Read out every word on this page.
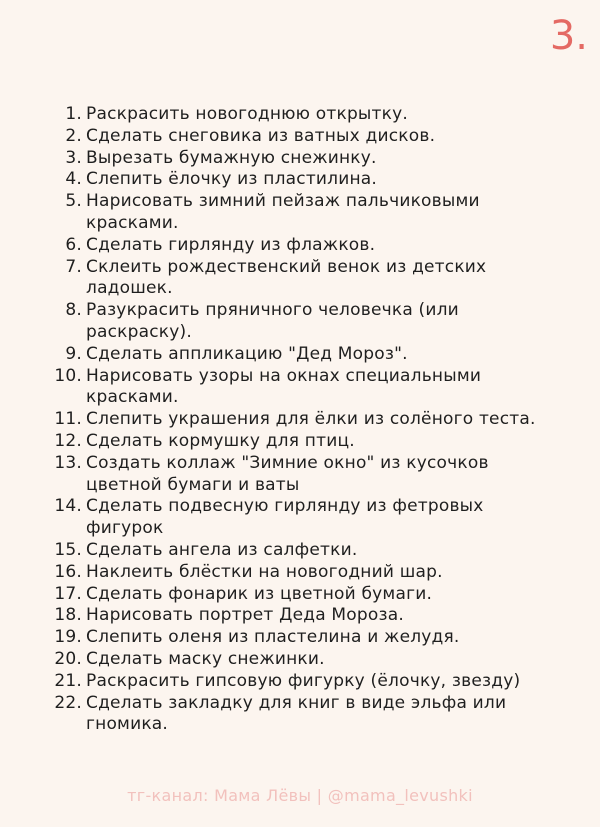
3.
1. Раскрасить новогоднюю открытку.
2. Сделать снеговика из ватных дисков.
3. Вырезать бумажную снежинку.
4. Слепить ёлочку из пластилина.
5. Нарисовать зимний пейзаж пальчиковыми красками.
6. Сделать гирлянду из флажков.
7. Склеить рождественский венок из детских ладошек.
8. Разукрасить пряничного человечка (или раскраску).
9. Сделать аппликацию "Дед Мороз".
10. Нарисовать узоры на окнах специальными красками.
11. Слепить украшения для ёлки из солёного теста.
12. Сделать кормушку для птиц.
13. Создать коллаж "Зимние окно" из кусочков цветной бумаги и ваты
14. Сделать подвесную гирлянду из фетровых фигурок
15. Сделать ангела из салфетки.
16. Наклеить блёстки на новогодний шар.
17. Сделать фонарик из цветной бумаги.
18. Нарисовать портрет Деда Мороза.
19. Слепить оленя из пластелина и желудя.
20. Сделать маску снежинки.
21. Раскрасить гипсовую фигурку (ёлочку, звезду)
22. Сделать закладку для книг в виде эльфа или гномика.
тг-канал: Мама Лёвы | @mama_levushki
